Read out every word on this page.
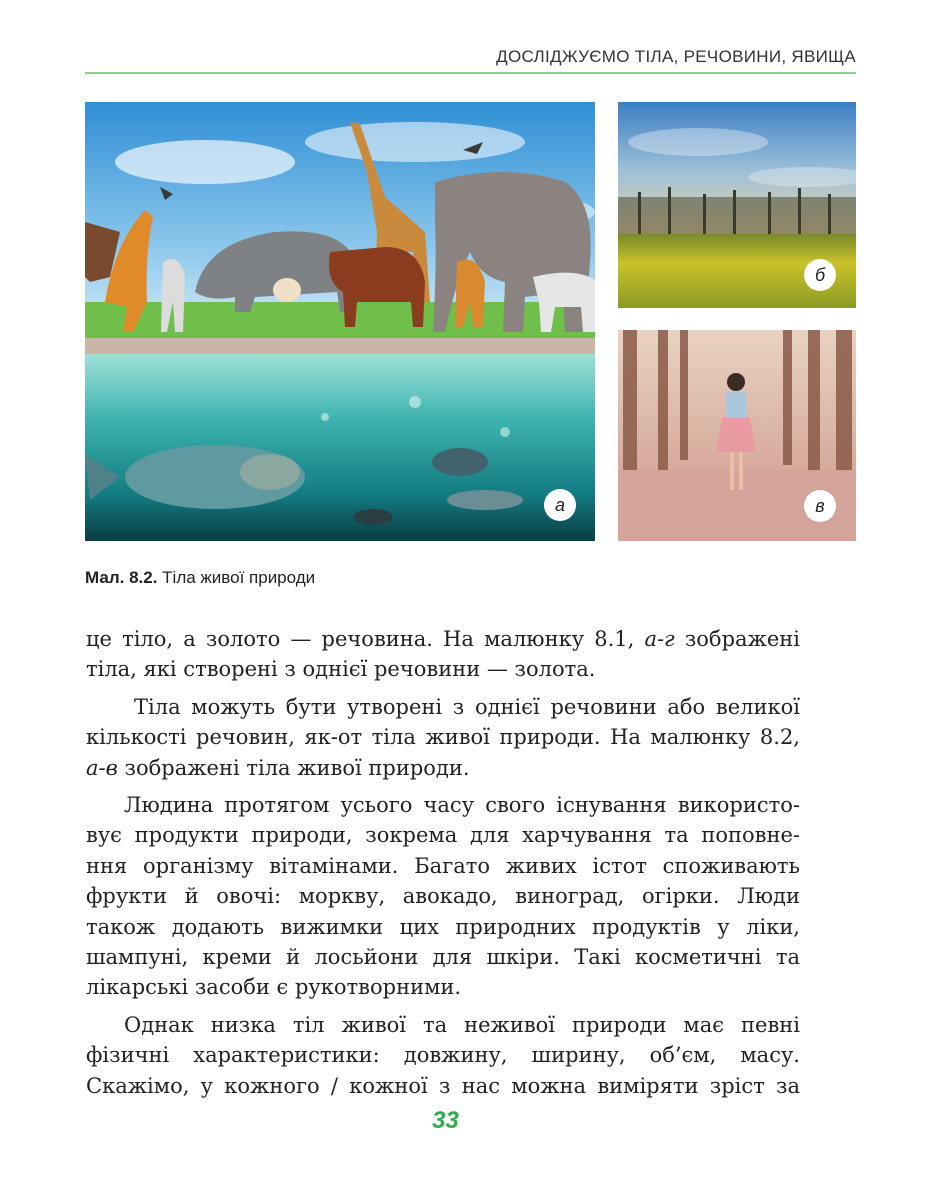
ДОСЛІДЖУЄМО ТІЛА, РЕЧОВИНИ, ЯВИЩА
а
б
в
Мал. 8.2. Тіла живої природи

це тіло, а золото — речовина. На малюнку 8.1, а-г зображені
тіла, які створені з однієї речовини — золота.

Тіла можуть бути утворені з однієї речовини або великої
кількості речовин, як-от тіла живої природи. На малюнку 8.2,
а-в зображені тіла живої природи.

Людина протягом усього часу свого існування використо-
вує продукти природи, зокрема для харчування та поповне-
ння організму вітамінами. Багато живих істот споживають
фрукти й овочі: моркву, авокадо, виноград, огірки. Люди
також додають вижимки цих природних продуктів у ліки,
шампуні, креми й лосьйони для шкіри. Такі косметичні та
лікарські засоби є рукотворними.

Однак низка тіл живої та неживої природи має певні
фізичні характеристики: довжину, ширину, об’єм, масу.
Скажімо, у кожного / кожної з нас можна виміряти зріст за

33
